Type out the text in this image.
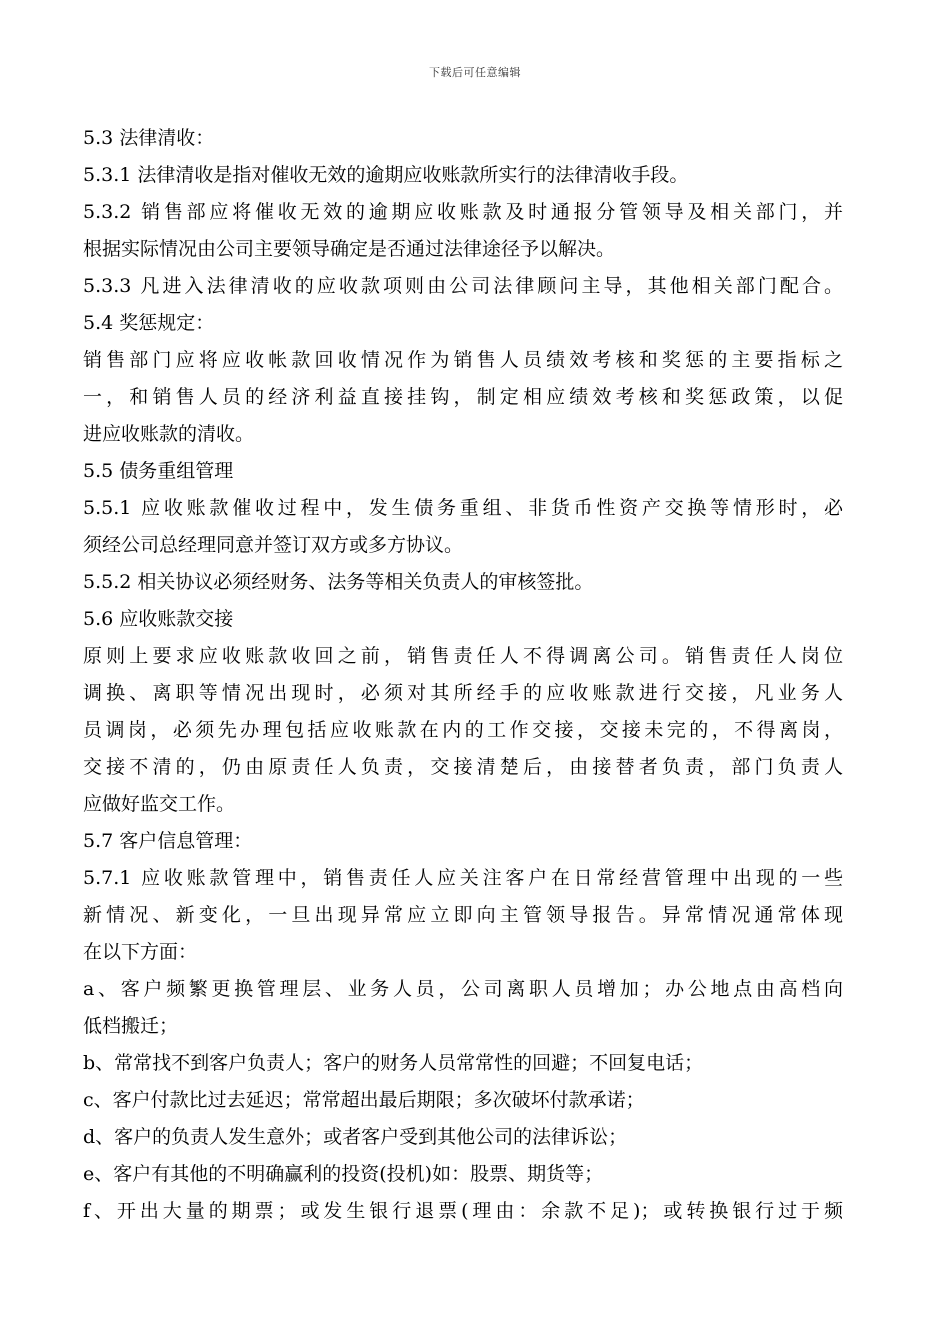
下载后可任意编辑
5.3 法律清收：
5.3.1 法律清收是指对催收无效的逾期应收账款所实行的法律清收手段。
5.3.2 销售部应将催收无效的逾期应收账款及时通报分管领导及相关部门，并
根据实际情况由公司主要领导确定是否通过法律途径予以解决。
5.3.3 凡进入法律清收的应收款项则由公司法律顾问主导，其他相关部门配合。
5.4 奖惩规定：
销售部门应将应收帐款回收情况作为销售人员绩效考核和奖惩的主要指标之
一，和销售人员的经济利益直接挂钩，制定相应绩效考核和奖惩政策，以促
进应收账款的清收。
5.5 债务重组管理
5.5.1 应收账款催收过程中，发生债务重组、非货币性资产交换等情形时，必
须经公司总经理同意并签订双方或多方协议。
5.5.2 相关协议必须经财务、法务等相关负责人的审核签批。
5.6 应收账款交接
原则上要求应收账款收回之前，销售责任人不得调离公司。销售责任人岗位
调换、离职等情况出现时，必须对其所经手的应收账款进行交接，凡业务人
员调岗，必须先办理包括应收账款在内的工作交接，交接未完的，不得离岗，
交接不清的，仍由原责任人负责，交接清楚后，由接替者负责，部门负责人
应做好监交工作。
5.7 客户信息管理：
5.7.1 应收账款管理中，销售责任人应关注客户在日常经营管理中出现的一些
新情况、新变化，一旦出现异常应立即向主管领导报告。异常情况通常体现
在以下方面：
a、客户频繁更换管理层、业务人员，公司离职人员增加；办公地点由高档向
低档搬迁；
b、常常找不到客户负责人；客户的财务人员常常性的回避；不回复电话；
c、客户付款比过去延迟；常常超出最后期限；多次破坏付款承诺；
d、客户的负责人发生意外；或者客户受到其他公司的法律诉讼；
e、客户有其他的不明确赢利的投资(投机)如：股票、期货等；
f、开出大量的期票；或发生银行退票(理由：余款不足)；或转换银行过于频
